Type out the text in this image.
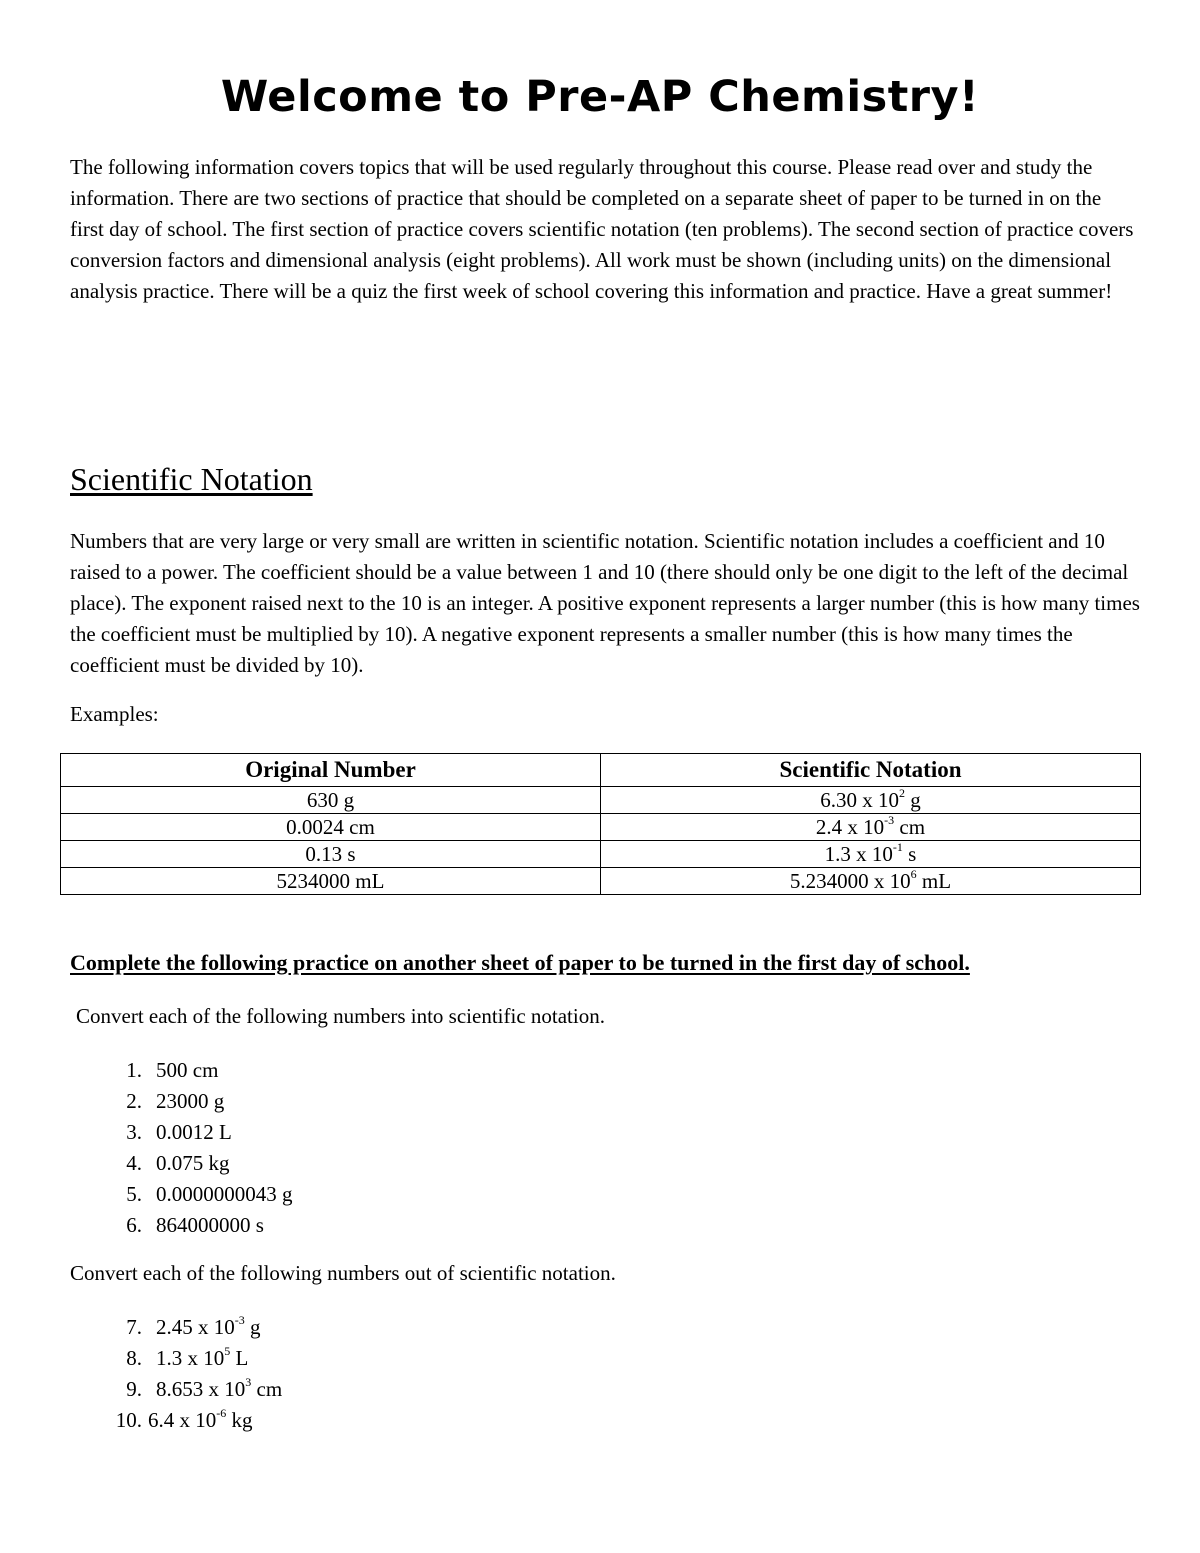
Welcome to Pre-AP Chemistry!

The following information covers topics that will be used regularly throughout this course. Please read over and study the information. There are two sections of practice that should be completed on a separate sheet of paper to be turned in on the first day of school. The first section of practice covers scientific notation (ten problems). The second section of practice covers conversion factors and dimensional analysis (eight problems). All work must be shown (including units) on the dimensional analysis practice. There will be a quiz the first week of school covering this information and practice. Have a great summer!

Scientific Notation

Numbers that are very large or very small are written in scientific notation. Scientific notation includes a coefficient and 10 raised to a power. The coefficient should be a value between 1 and 10 (there should only be one digit to the left of the decimal place). The exponent raised next to the 10 is an integer. A positive exponent represents a larger number (this is how many times the coefficient must be multiplied by 10). A negative exponent represents a smaller number (this is how many times the coefficient must be divided by 10).

Examples:

Original Number	Scientific Notation
630 g	6.30 x $10^2$ g
0.0024 cm	2.4 x $10^{-3}$ cm
0.13 s	1.3 x $10^{-1}$ s
5234000 mL	5.234000 x $10^6$ mL

Complete the following practice on another sheet of paper to be turned in the first day of school.

Convert each of the following numbers into scientific notation.

1. 500 cm
2. 23000 g
3. 0.0012 L
4. 0.075 kg
5. 0.0000000043 g
6. 864000000 s

Convert each of the following numbers out of scientific notation.

7. 2.45 x $10^{-3}$ g
8. 1.3 x $10^5$ L
9. 8.653 x $10^3$ cm
10. 6.4 x $10^{-6}$ kg
